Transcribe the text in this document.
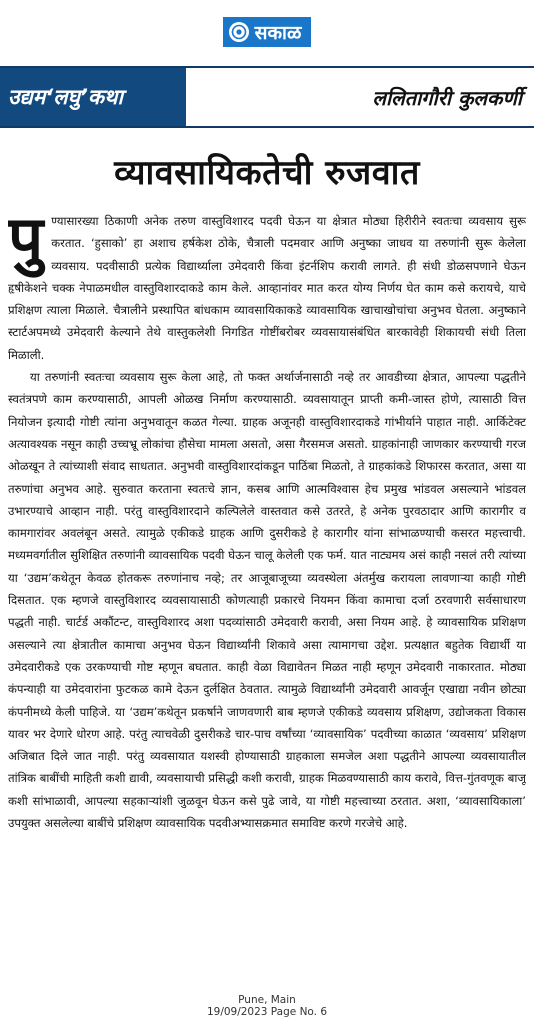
सकाळ
उद्यम‘लघु’कथा	ललितागौरी कुलकर्णी
व्यावसायिकतेची रुजवात

पुण्यासारख्या ठिकाणी अनेक तरुण वास्तुविशारद पदवी घेऊन या क्षेत्रात मोठ्या हिरीरीने स्वतःचा व्यवसाय सुरू करतात. ‘हुसाको’ हा अशाच हर्षकेश ठोके, चैत्राली पदमवार आणि अनुष्का जाधव या तरुणांनी सुरू केलेला व्यवसाय. पदवीसाठी प्रत्येक विद्यार्थ्याला उमेदवारी किंवा इंटर्नशिप करावी लागते. ही संधी डोळसपणाने घेऊन हृषीकेशने चक्क नेपाळमधील वास्तुविशारदाकडे काम केले. आव्हानांवर मात करत योग्य निर्णय घेत काम कसे करायचे, याचे प्रशिक्षण त्याला मिळाले. चैत्रालीने प्रस्थापित बांधकाम व्यावसायिकाकडे व्यावसायिक खाचाखोचांचा अनुभव घेतला. अनुष्काने स्टार्टअपमध्ये उमेदवारी केल्याने तेथे वास्तुकलेशी निगडित गोष्टींबरोबर व्यवसायासंबंधित बारकावेही शिकायची संधी तिला मिळाली.

या तरुणांनी स्वतःचा व्यवसाय सुरू केला आहे, तो फक्त अर्थार्जनासाठी नव्हे तर आवडीच्या क्षेत्रात, आपल्या पद्धतीने स्वतंत्रपणे काम करण्यासाठी, आपली ओळख निर्माण करण्यासाठी. व्यवसायातून प्राप्ती कमी-जास्त होणे, त्यासाठी वित्त नियोजन इत्यादी गोष्टी त्यांना अनुभवातून कळत गेल्या. ग्राहक अजूनही वास्तुविशारदाकडे गांभीर्याने पाहात नाही. आर्किटेक्ट अत्यावश्यक नसून काही उच्चभ्रू लोकांचा हौसेचा मामला असतो, असा गैरसमज असतो. ग्राहकांनाही जाणकार करण्याची गरज ओळखून ते त्यांच्याशी संवाद साधतात. अनुभवी वास्तुविशारदांकडून पाठिंबा मिळतो, ते ग्राहकांकडे शिफारस करतात, असा या तरुणांचा अनुभव आहे. सुरुवात करताना स्वतःचे ज्ञान, कसब आणि आत्मविश्वास हेच प्रमुख भांडवल असल्याने भांडवल उभारण्याचे आव्हान नाही. परंतु वास्तुविशारदाने कल्पिलेले वास्तवात कसे उतरते, हे अनेक पुरवठादार आणि कारागीर व कामगारांवर अवलंबून असते. त्यामुळे एकीकडे ग्राहक आणि दुसरीकडे हे कारागीर यांना सांभाळण्याची कसरत महत्त्वाची. मध्यमवर्गातील सुशिक्षित तरुणांनी व्यावसायिक पदवी घेऊन चालू केलेली एक फर्म. यात नाट्यमय असं काही नसलं तरी त्यांच्या या ‘उद्यम’कथेतून केवळ होतकरू तरुणांनाच नव्हे; तर आजूबाजूच्या व्यवस्थेला अंतर्मुख करायला लावणाऱ्या काही गोष्टी दिसतात. एक म्हणजे वास्तुविशारद व्यवसायासाठी कोणत्याही प्रकारचे नियमन किंवा कामाचा दर्जा ठरवणारी सर्वसाधारण पद्धती नाही. चार्टर्ड अकौंटन्ट, वास्तुविशारद अशा पदव्यांसाठी उमेदवारी करावी, असा नियम आहे. हे व्यावसायिक प्रशिक्षण असल्याने त्या क्षेत्रातील कामाचा अनुभव घेऊन विद्यार्थ्यांनी शिकावे असा त्यामागचा उद्देश. प्रत्यक्षात बहुतेक विद्यार्थी या उमेदवारीकडे एक उरकण्याची गोष्ट म्हणून बघतात. काही वेळा विद्यावेतन मिळत नाही म्हणून उमेदवारी नाकारतात. मोठ्या कंपन्याही या उमेदवारांना फुटकळ कामे देऊन दुर्लक्षित ठेवतात. त्यामुळे विद्यार्थ्यांनी उमेदवारी आवर्जून एखाद्या नवीन छोट्या कंपनीमध्ये केली पाहिजे. या ‘उद्यम’कथेतून प्रकर्षाने जाणवणारी बाब म्हणजे एकीकडे व्यवसाय प्रशिक्षण, उद्योजकता विकास यावर भर देणारे धोरण आहे. परंतु त्याचवेळी दुसरीकडे चार-पाच वर्षांच्या ‘व्यावसायिक’ पदवीच्या काळात ‘व्यवसाय’ प्रशिक्षण अजिबात दिले जात नाही. परंतु व्यवसायात यशस्वी होण्यासाठी ग्राहकाला समजेल अशा पद्धतीने आपल्या व्यवसायातील तांत्रिक बाबींची माहिती कशी द्यावी, व्यवसायाची प्रसिद्धी कशी करावी, ग्राहक मिळवण्यासाठी काय करावे, वित्त-गुंतवणूक बाजू कशी सांभाळावी, आपल्या सहकाऱ्यांशी जुळवून घेऊन कसे पुढे जावे, या गोष्टी महत्त्वाच्या ठरतात. अशा, ‘व्यावसायिकाला’ उपयुक्त असलेल्या बाबींचे प्रशिक्षण व्यावसायिक पदवीअभ्यासक्रमात समाविष्ट करणे गरजेचे आहे.

Pune, Main
19/09/2023 Page No. 6
